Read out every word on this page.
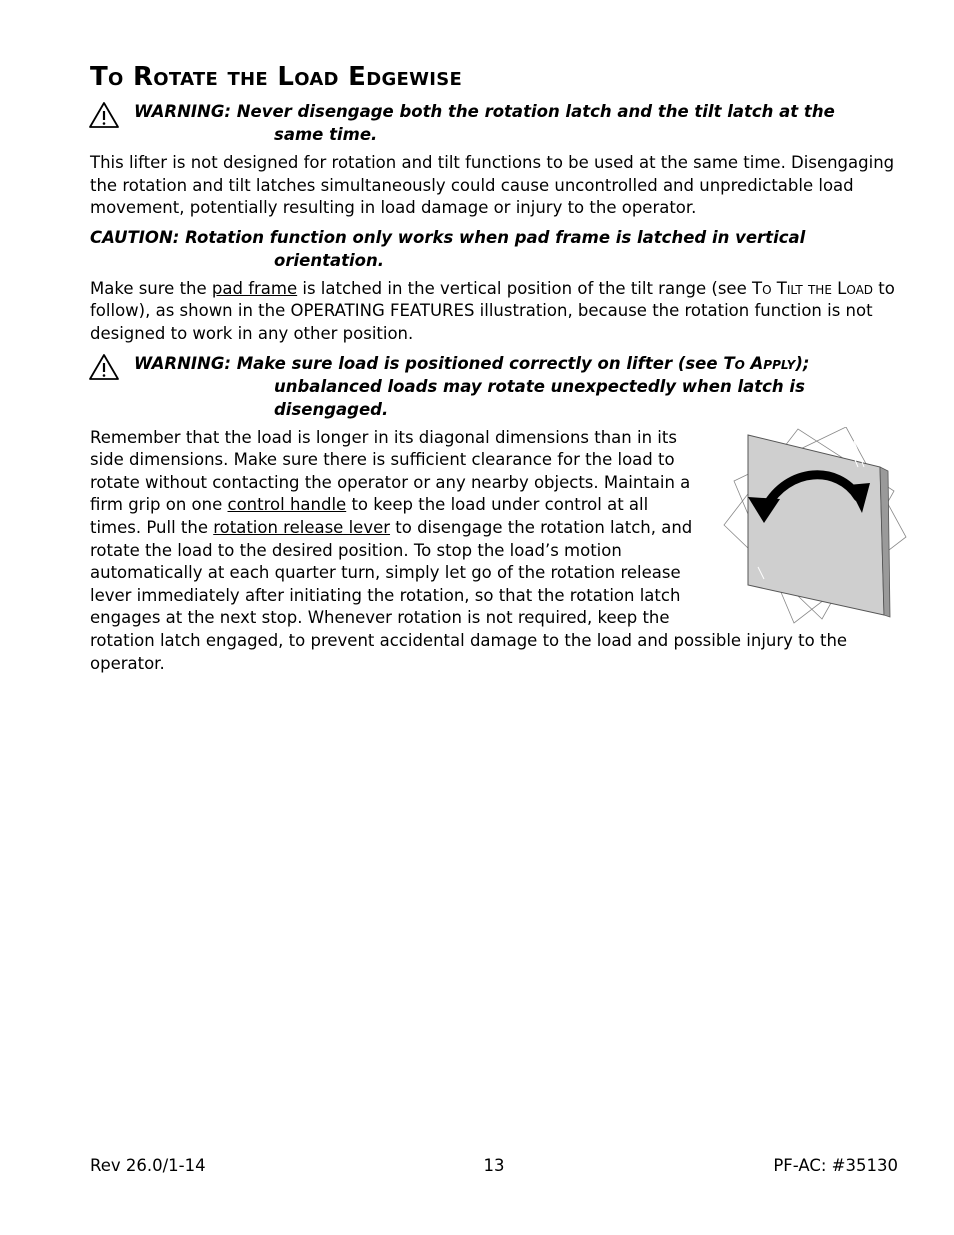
To Rotate the Load Edgewise
WARNING: Never disengage both the rotation latch and the tilt latch at the
same time.

This lifter is not designed for rotation and tilt functions to be used at the same time. Disengaging the rotation and tilt latches simultaneously could cause uncontrolled and unpredictable load movement, potentially resulting in load damage or injury to the operator.

CAUTION: Rotation function only works when pad frame is latched in vertical
orientation.

Make sure the pad frame is latched in the vertical position of the tilt range (see To Tilt the Load to follow), as shown in the OPERATING FEATURES illustration, because the rotation function is not designed to work in any other position.

WARNING: Make sure load is positioned correctly on lifter (see To Apply);
unbalanced loads may rotate unexpectedly when latch is disengaged.

Remember that the load is longer in its diagonal dimensions than in its side dimensions. Make sure there is sufficient clearance for the load to rotate without contacting the operator or any nearby objects. Maintain a firm grip on one control handle to keep the load under control at all times. Pull the rotation release lever to disengage the rotation latch, and rotate the load to the desired position. To stop the load’s motion automatically at each quarter turn, simply let go of the rotation release lever immediately after initiating the rotation, so that the rotation latch engages at the next stop. Whenever rotation is not required, keep the rotation latch engaged, to prevent accidental damage to the load and possible injury to the operator.

Rev 26.0/1-14	13	PF-AC: #35130
